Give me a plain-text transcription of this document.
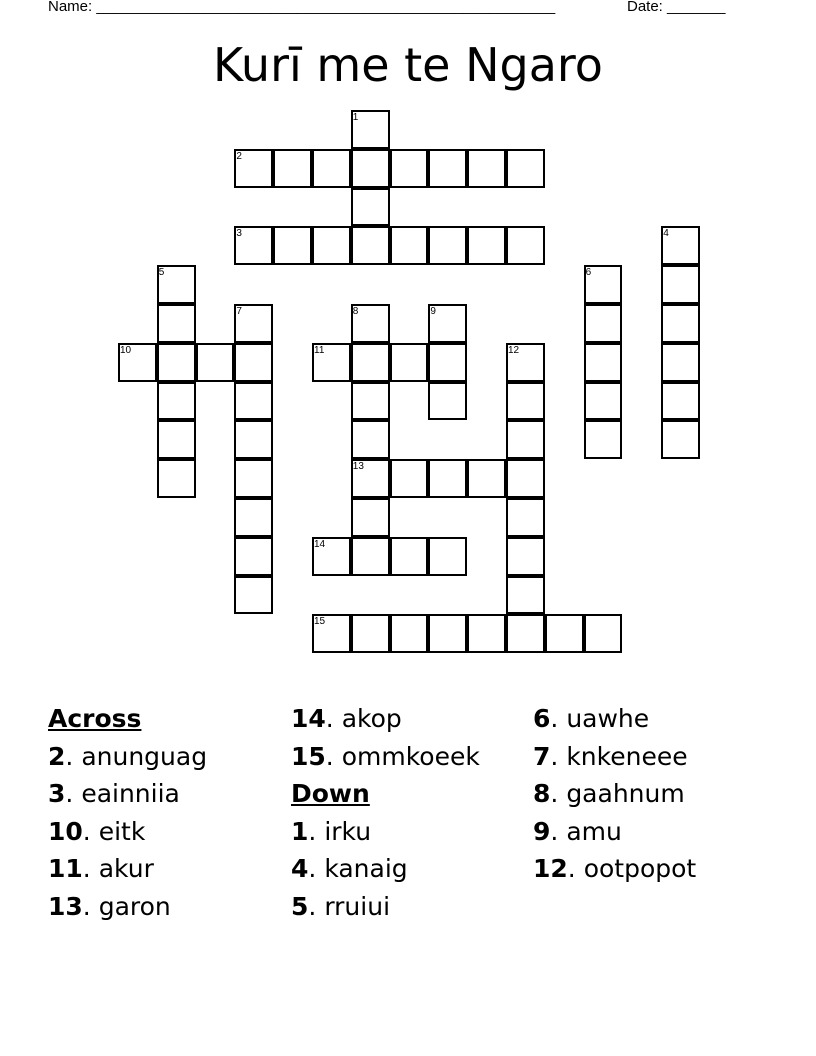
Name: _______________________________________________________	Date: _______
Kurī me te Ngaro
1
2
3	4
5	6
7	8	9
10	11	12
13
14
15
Across
2. anunguag
3. eainniia
10. eitk
11. akur
13. garon
14. akop
15. ommkoeek
Down
1. irku
4. kanaig
5. rruiui
6. uawhe
7. knkeneee
8. gaahnum
9. amu
12. ootpopot
